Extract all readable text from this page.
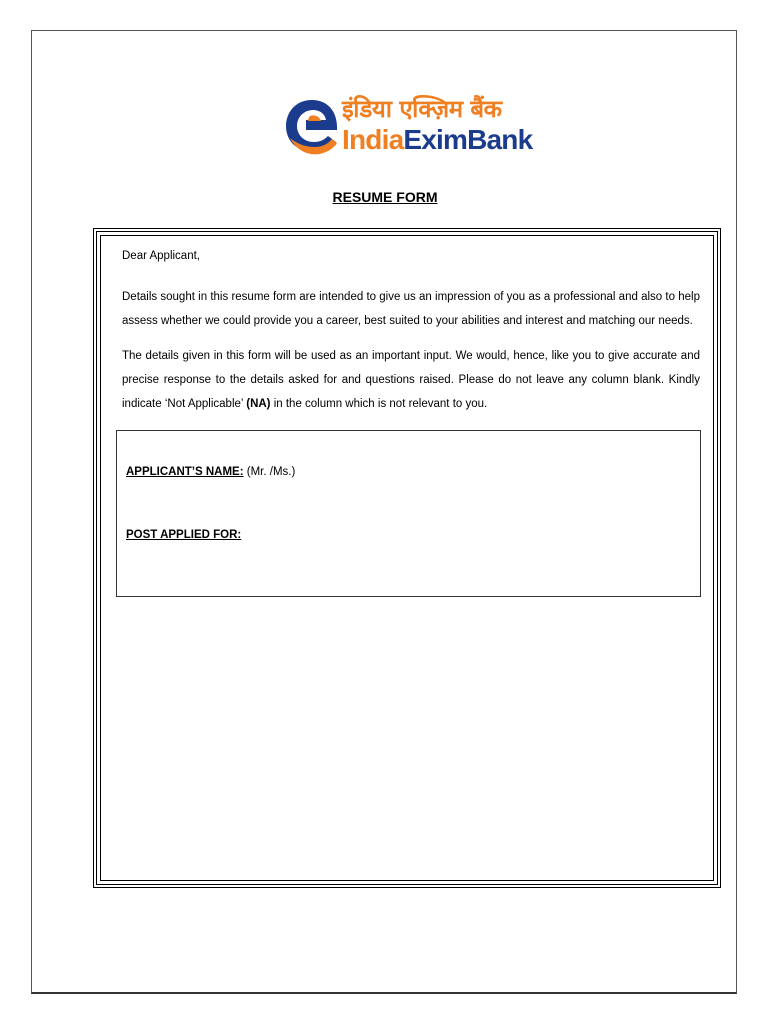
इंडिया एक्ज़िम बैंक
IndiaEximBank
RESUME FORM
Dear Applicant,
Details sought in this resume form are intended to give us an impression of you as a professional and also to help assess whether we could provide you a career, best suited to your abilities and interest and matching our needs.
The details given in this form will be used as an important input. We would, hence, like you to give accurate and precise response to the details asked for and questions raised. Please do not leave any column blank. Kindly indicate ‘Not Applicable’ (NA) in the column which is not relevant to you.
APPLICANT’S NAME: (Mr. /Ms.)
POST APPLIED FOR:
